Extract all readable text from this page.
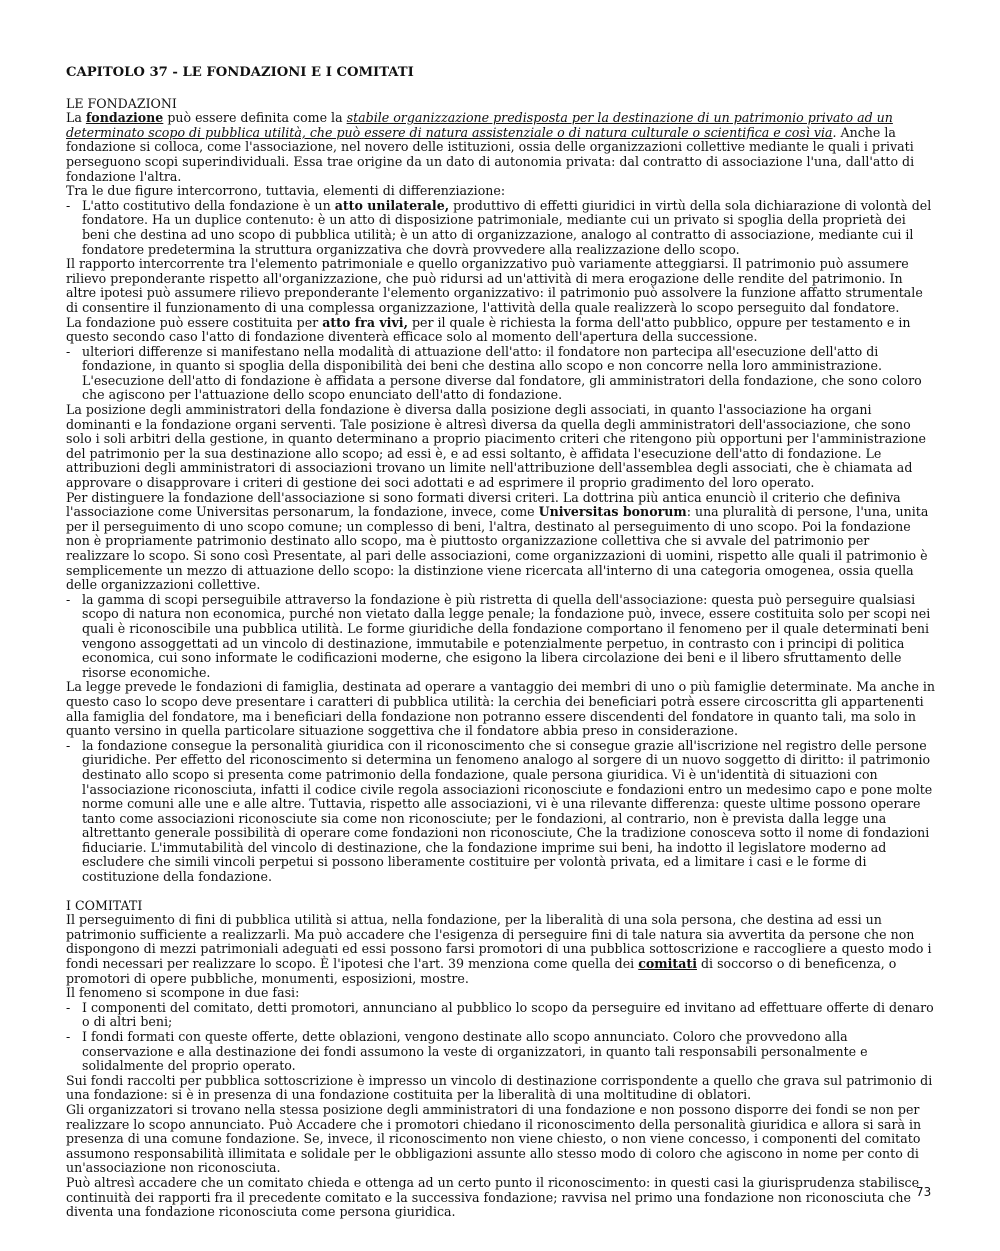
CAPITOLO 37 - LE FONDAZIONI E I COMITATI

LE FONDAZIONI

La fondazione può essere definita come la stabile organizzazione predisposta per la destinazione di un patrimonio privato ad un determinato scopo di pubblica utilità, che può essere di natura assistenziale o di natura culturale o scientifica e così via. Anche la fondazione si colloca, come l'associazione, nel novero delle istituzioni, ossia delle organizzazioni collettive mediante le quali i privati perseguono scopi superindividuali. Essa trae origine da un dato di autonomia privata: dal contratto di associazione l'una, dall'atto di fondazione l'altra.

Tra le due figure intercorrono, tuttavia, elementi di differenziazione:

- L'atto costitutivo della fondazione è un atto unilaterale, produttivo di effetti giuridici in virtù della sola dichiarazione di volontà del fondatore. Ha un duplice contenuto: è un atto di disposizione patrimoniale, mediante cui un privato si spoglia della proprietà dei beni che destina ad uno scopo di pubblica utilità; è un atto di organizzazione, analogo al contratto di associazione, mediante cui il fondatore predetermina la struttura organizzativa che dovrà provvedere alla realizzazione dello scopo.

Il rapporto intercorrente tra l'elemento patrimoniale e quello organizzativo può variamente atteggiarsi. Il patrimonio può assumere rilievo preponderante rispetto all'organizzazione, che può ridursi ad un'attività di mera erogazione delle rendite del patrimonio. In altre ipotesi può assumere rilievo preponderante l'elemento organizzativo: il patrimonio può assolvere la funzione affatto strumentale di consentire il funzionamento di una complessa organizzazione, l'attività della quale realizzerà lo scopo perseguito dal fondatore.

La fondazione può essere costituita per atto fra vivi, per il quale è richiesta la forma dell'atto pubblico, oppure per testamento e in questo secondo caso l'atto di fondazione diventerà efficace solo al momento dell'apertura della successione.

- ulteriori differenze si manifestano nella modalità di attuazione dell'atto: il fondatore non partecipa all'esecuzione dell'atto di fondazione, in quanto si spoglia della disponibilità dei beni che destina allo scopo e non concorre nella loro amministrazione. L'esecuzione dell'atto di fondazione è affidata a persone diverse dal fondatore, gli amministratori della fondazione, che sono coloro che agiscono per l'attuazione dello scopo enunciato dell'atto di fondazione.

La posizione degli amministratori della fondazione è diversa dalla posizione degli associati, in quanto l'associazione ha organi dominanti e la fondazione organi serventi. Tale posizione è altresì diversa da quella degli amministratori dell'associazione, che sono solo i soli arbitri della gestione, in quanto determinano a proprio piacimento criteri che ritengono più opportuni per l'amministrazione del patrimonio per la sua destinazione allo scopo; ad essi è, e ad essi soltanto, è affidata l'esecuzione dell'atto di fondazione. Le attribuzioni degli amministratori di associazioni trovano un limite nell'attribuzione dell'assemblea degli associati, che è chiamata ad approvare o disapprovare i criteri di gestione dei soci adottati e ad esprimere il proprio gradimento del loro operato.

Per distinguere la fondazione dell'associazione si sono formati diversi criteri. La dottrina più antica enunciò il criterio che definiva l'associazione come Universitas personarum, la fondazione, invece, come Universitas bonorum: una pluralità di persone, l'una, unita per il perseguimento di uno scopo comune; un complesso di beni, l'altra, destinato al perseguimento di uno scopo. Poi la fondazione non è propriamente patrimonio destinato allo scopo, ma è piuttosto organizzazione collettiva che si avvale del patrimonio per realizzare lo scopo. Si sono così Presentate, al pari delle associazioni, come organizzazioni di uomini, rispetto alle quali il patrimonio è semplicemente un mezzo di attuazione dello scopo: la distinzione viene ricercata all'interno di una categoria omogenea, ossia quella delle organizzazioni collettive.

- la gamma di scopi perseguibile attraverso la fondazione è più ristretta di quella dell'associazione: questa può perseguire qualsiasi scopo di natura non economica, purché non vietato dalla legge penale; la fondazione può, invece, essere costituita solo per scopi nei quali è riconoscibile una pubblica utilità. Le forme giuridiche della fondazione comportano il fenomeno per il quale determinati beni vengono assoggettati ad un vincolo di destinazione, immutabile e potenzialmente perpetuo, in contrasto con i principi di politica economica, cui sono informate le codificazioni moderne, che esigono la libera circolazione dei beni e il libero sfruttamento delle risorse economiche.

La legge prevede le fondazioni di famiglia, destinata ad operare a vantaggio dei membri di uno o più famiglie determinate. Ma anche in questo caso lo scopo deve presentare i caratteri di pubblica utilità: la cerchia dei beneficiari potrà essere circoscritta gli appartenenti alla famiglia del fondatore, ma i beneficiari della fondazione non potranno essere discendenti del fondatore in quanto tali, ma solo in quanto versino in quella particolare situazione soggettiva che il fondatore abbia preso in considerazione.

- la fondazione consegue la personalità giuridica con il riconoscimento che si consegue grazie all'iscrizione nel registro delle persone giuridiche. Per effetto del riconoscimento si determina un fenomeno analogo al sorgere di un nuovo soggetto di diritto: il patrimonio destinato allo scopo si presenta come patrimonio della fondazione, quale persona giuridica. Vi è un'identità di situazioni con l'associazione riconosciuta, infatti il codice civile regola associazioni riconosciute e fondazioni entro un medesimo capo e pone molte norme comuni alle une e alle altre. Tuttavia, rispetto alle associazioni, vi è una rilevante differenza: queste ultime possono operare tanto come associazioni riconosciute sia come non riconosciute; per le fondazioni, al contrario, non è prevista dalla legge una altrettanto generale possibilità di operare come fondazioni non riconosciute, Che la tradizione conosceva sotto il nome di fondazioni fiduciarie. L'immutabilità del vincolo di destinazione, che la fondazione imprime sui beni, ha indotto il legislatore moderno ad escludere che simili vincoli perpetui si possono liberamente costituire per volontà privata, ed a limitare i casi e le forme di costituzione della fondazione.

I COMITATI

Il perseguimento di fini di pubblica utilità si attua, nella fondazione, per la liberalità di una sola persona, che destina ad essi un patrimonio sufficiente a realizzarli. Ma può accadere che l'esigenza di perseguire fini di tale natura sia avvertita da persone che non dispongono di mezzi patrimoniali adeguati ed essi possono farsi promotori di una pubblica sottoscrizione e raccogliere a questo modo i fondi necessari per realizzare lo scopo. È l'ipotesi che l'art. 39 menziona come quella dei comitati di soccorso o di beneficenza, o promotori di opere pubbliche, monumenti, esposizioni, mostre.

Il fenomeno si scompone in due fasi:

- I componenti del comitato, detti promotori, annunciano al pubblico lo scopo da perseguire ed invitano ad effettuare offerte di denaro o di altri beni;

- I fondi formati con queste offerte, dette oblazioni, vengono destinate allo scopo annunciato. Coloro che provvedono alla conservazione e alla destinazione dei fondi assumono la veste di organizzatori, in quanto tali responsabili personalmente e solidalmente del proprio operato.

Sui fondi raccolti per pubblica sottoscrizione è impresso un vincolo di destinazione corrispondente a quello che grava sul patrimonio di una fondazione: si è in presenza di una fondazione costituita per la liberalità di una moltitudine di oblatori.

Gli organizzatori si trovano nella stessa posizione degli amministratori di una fondazione e non possono disporre dei fondi se non per realizzare lo scopo annunciato. Può Accadere che i promotori chiedano il riconoscimento della personalità giuridica e allora si sarà in presenza di una comune fondazione. Se, invece, il riconoscimento non viene chiesto, o non viene concesso, i componenti del comitato assumono responsabilità illimitata e solidale per le obbligazioni assunte allo stesso modo di coloro che agiscono in nome per conto di un'associazione non riconosciuta.

Può altresì accadere che un comitato chieda e ottenga ad un certo punto il riconoscimento: in questi casi la giurisprudenza stabilisce continuità dei rapporti fra il precedente comitato e la successiva fondazione; ravvisa nel primo una fondazione non riconosciuta che diventa una fondazione riconosciuta come persona giuridica.

73
